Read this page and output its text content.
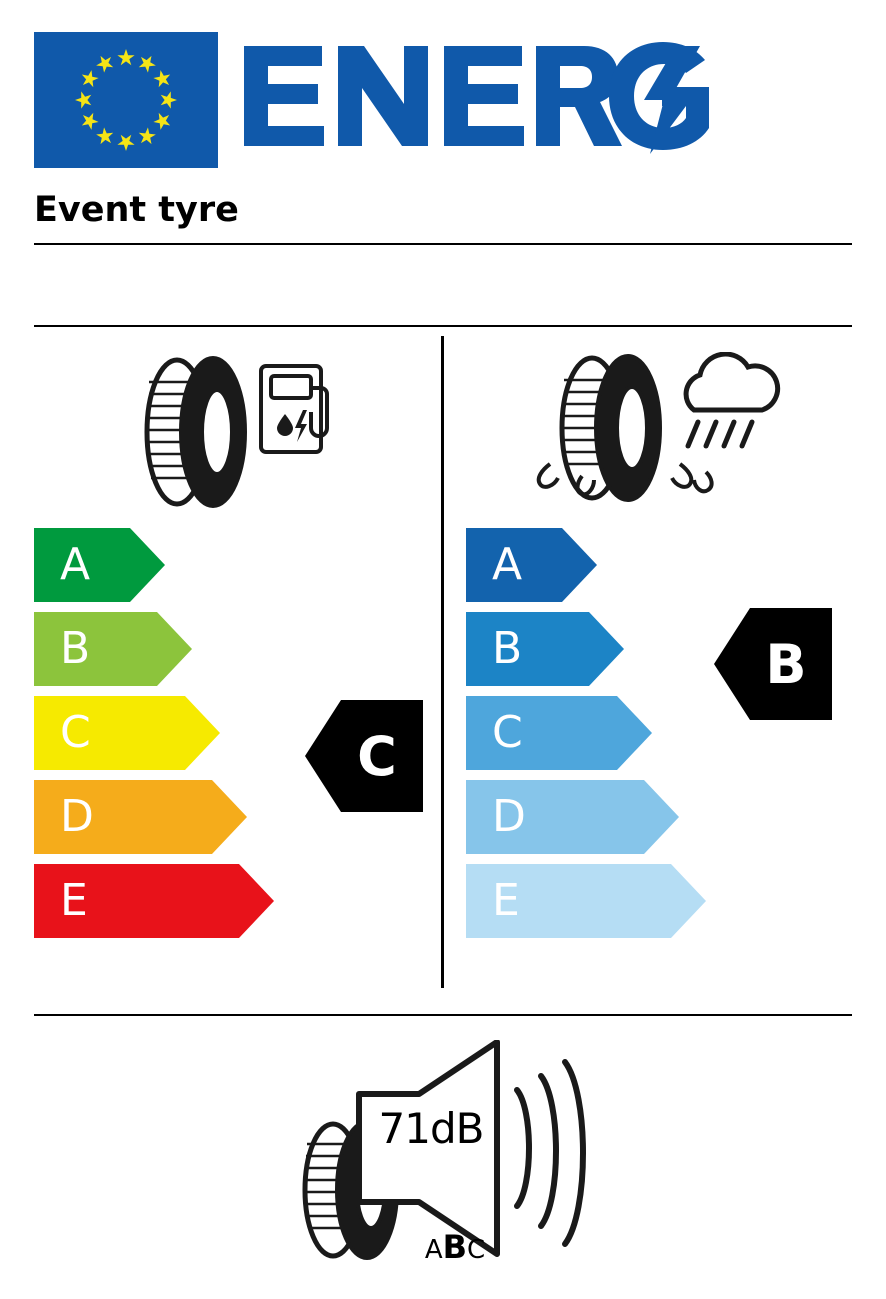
Event tyre
A
B
C
D
E
A
B
C
D
E
C
B
71dB
ABC
